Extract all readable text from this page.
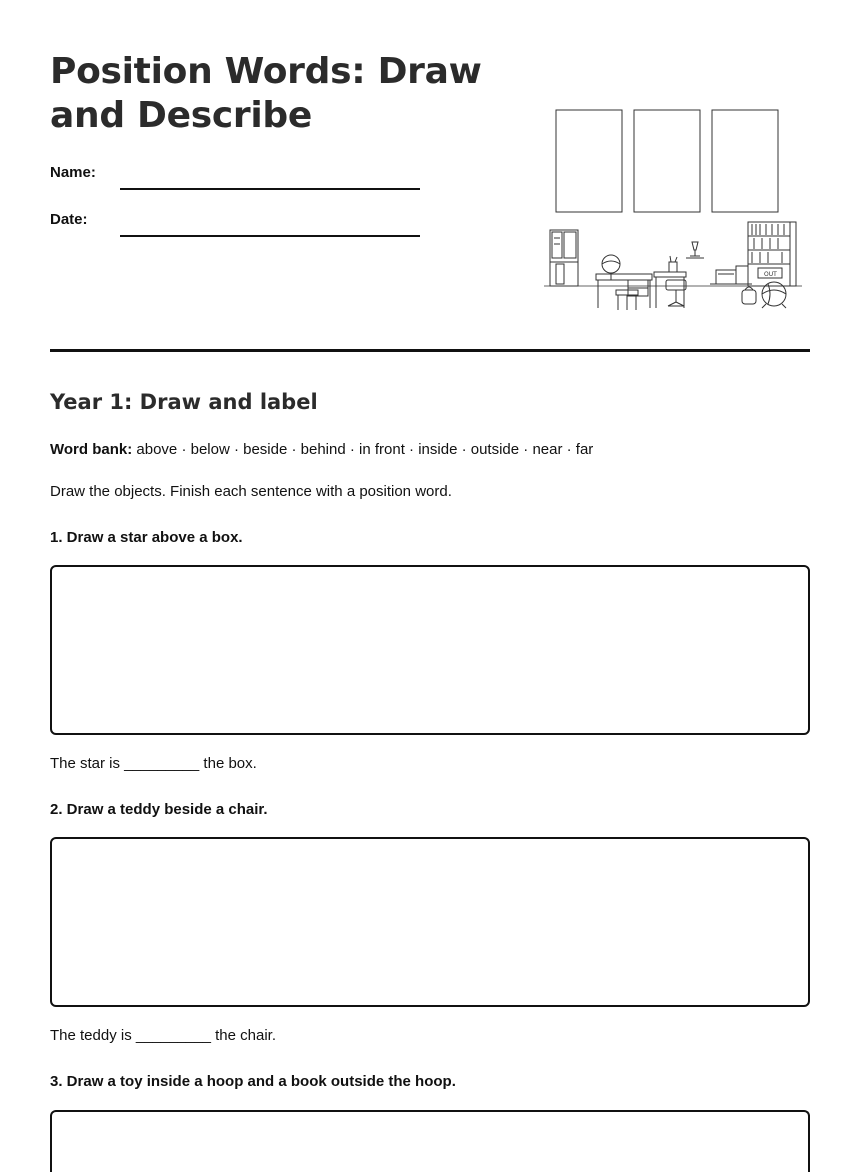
Position Words: Draw and Describe
Name:
Date:
OUT
Year 1: Draw and label
Word bank: above · below · beside · behind · in front · inside · outside · near · far
Draw the objects. Finish each sentence with a position word.
1. Draw a star above a box.
The star is _________ the box.
2. Draw a teddy beside a chair.
The teddy is _________ the chair.
3. Draw a toy inside a hoop and a book outside the hoop.
